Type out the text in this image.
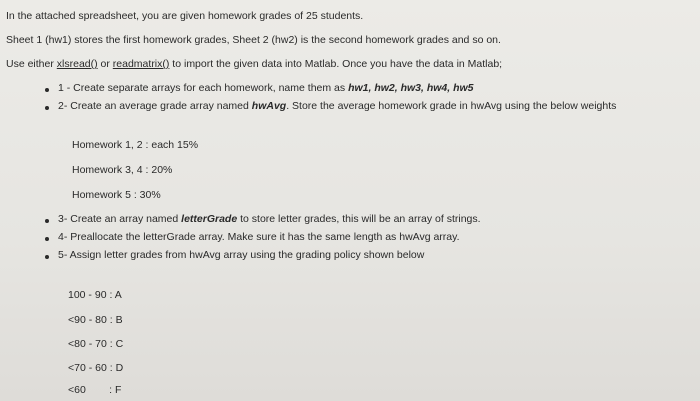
In the attached spreadsheet, you are given homework grades of 25 students.
Sheet 1 (hw1) stores the first homework grades, Sheet 2 (hw2) is the second homework grades and so on.
Use either xlsread() or readmatrix() to import the given data into Matlab. Once you have the data in Matlab;
1 - Create separate arrays for each homework, name them as hw1, hw2, hw3, hw4, hw5
2- Create an average grade array named hwAvg. Store the average homework grade in hwAvg using the below weights
Homework 1, 2 : each 15%
Homework 3, 4 : 20%
Homework 5 : 30%
3- Create an array named letterGrade to store letter grades, this will be an array of strings.
4- Preallocate the letterGrade array. Make sure it has the same length as hwAvg array.
5- Assign letter grades from hwAvg array using the grading policy shown below
100 - 90 : A
<90 - 80 : B
<80 - 70 : C
<70 - 60 : D
<60        : F
